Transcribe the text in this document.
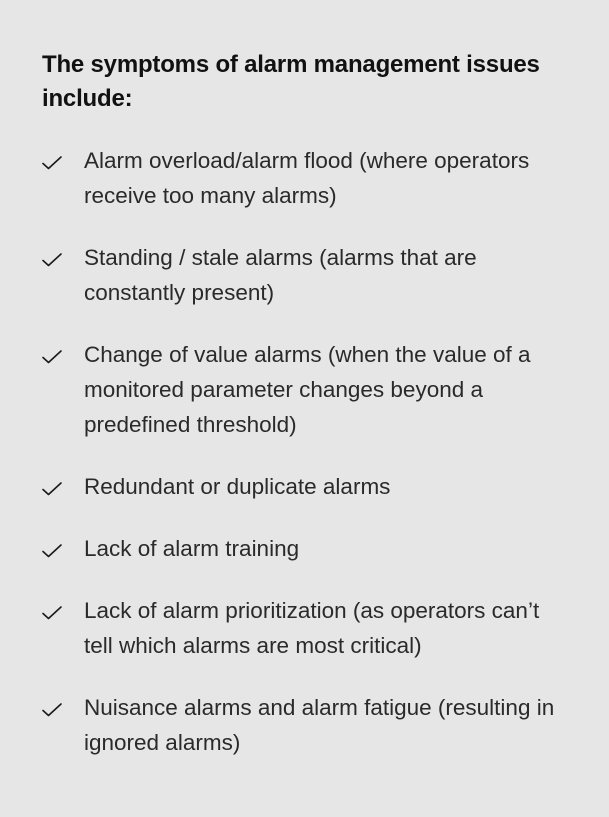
The symptoms of alarm management issues include:
Alarm overload/alarm flood (where operators receive too many alarms)
Standing / stale alarms (alarms that are constantly present)
Change of value alarms (when the value of a monitored parameter changes beyond a predefined threshold)
Redundant or duplicate alarms
Lack of alarm training
Lack of alarm prioritization (as operators can’t tell which alarms are most critical)
Nuisance alarms and alarm fatigue (resulting in ignored alarms)
